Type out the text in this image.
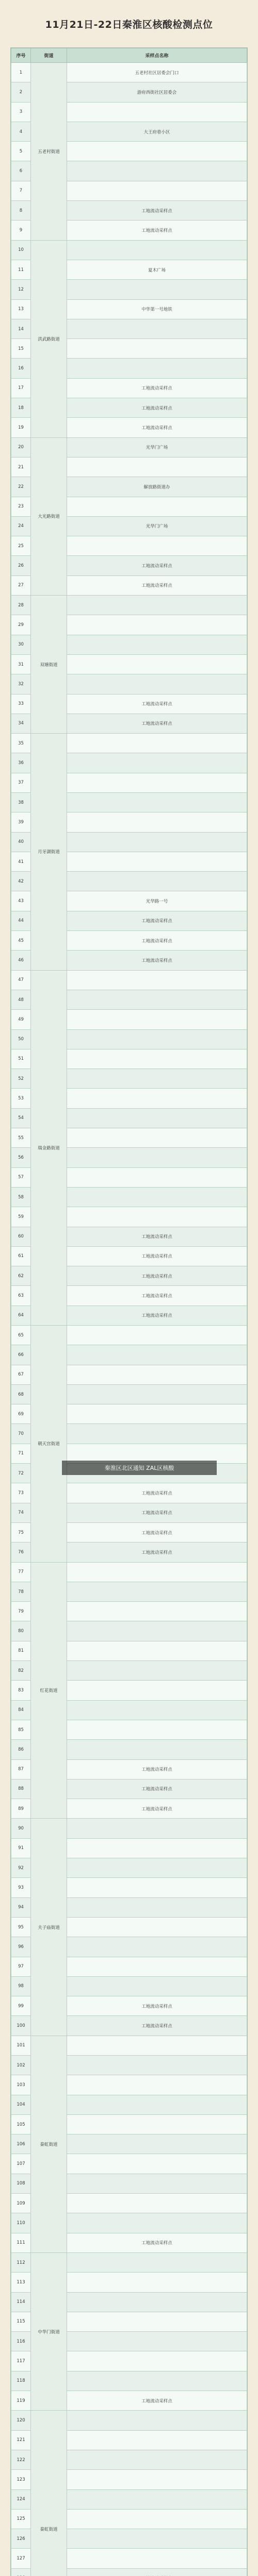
11月21日-22日秦淮区核酸检测点位
序号	街道	采样点名称
1	五老村街道	五老村社区居委会门口
2		游府西街社区居委会
3		
4		大王府巷小区
5		
6		
7		
8		工地流动采样点
9		工地流动采样点
10	洪武路街道	
11		夏木广场
12		
13		中华第一号地铁
14		
15		
16		
17		工地流动采样点
18		工地流动采样点
19		工地流动采样点
20	大光路街道	光华门广场
21		
22		解放路街道办
23		
24		光华门广场
25		
26		工地流动采样点
27		工地流动采样点
28	双塘街道	
29		
30		
31		
32		
33		工地流动采样点
34		工地流动采样点
35	月牙湖街道	
36		
37		
38		
39		
40		
41		
42		
43		光华路一号
44		工地流动采样点
45		工地流动采样点
46		工地流动采样点
47	瑞金路街道	
48		
49		
50		
51		
52		
53		
54		
55		
56		
57		
58		
59		
60		工地流动采样点
61		工地流动采样点
62		工地流动采样点
63		工地流动采样点
64		工地流动采样点
65	朝天宫街道	
66		
67		
68		
69		
70		
71		
72		
73		工地流动采样点
74		工地流动采样点
75		工地流动采样点
76		工地流动采样点
77	红花街道	
78		
79		
80		
81		
82		
83		
84		
85		
86		
87		工地流动采样点
88		工地流动采样点
89		工地流动采样点
90	夫子庙街道	
91		
92		
93		
94		
95		
96		
97		
98		
99		工地流动采样点
100		工地流动采样点
101	秦虹街道	
102		
103		
104		
105		
106		
107		
108		
109		
110		
111		工地流动采样点
112	中华门街道	
113		
114		
115		
116		
117		
118		
119		工地流动采样点
120	秦虹街道	
121		
122		
123		
124		
125		
126		
127		

秦淮区北区通知 ZAL区核酸
